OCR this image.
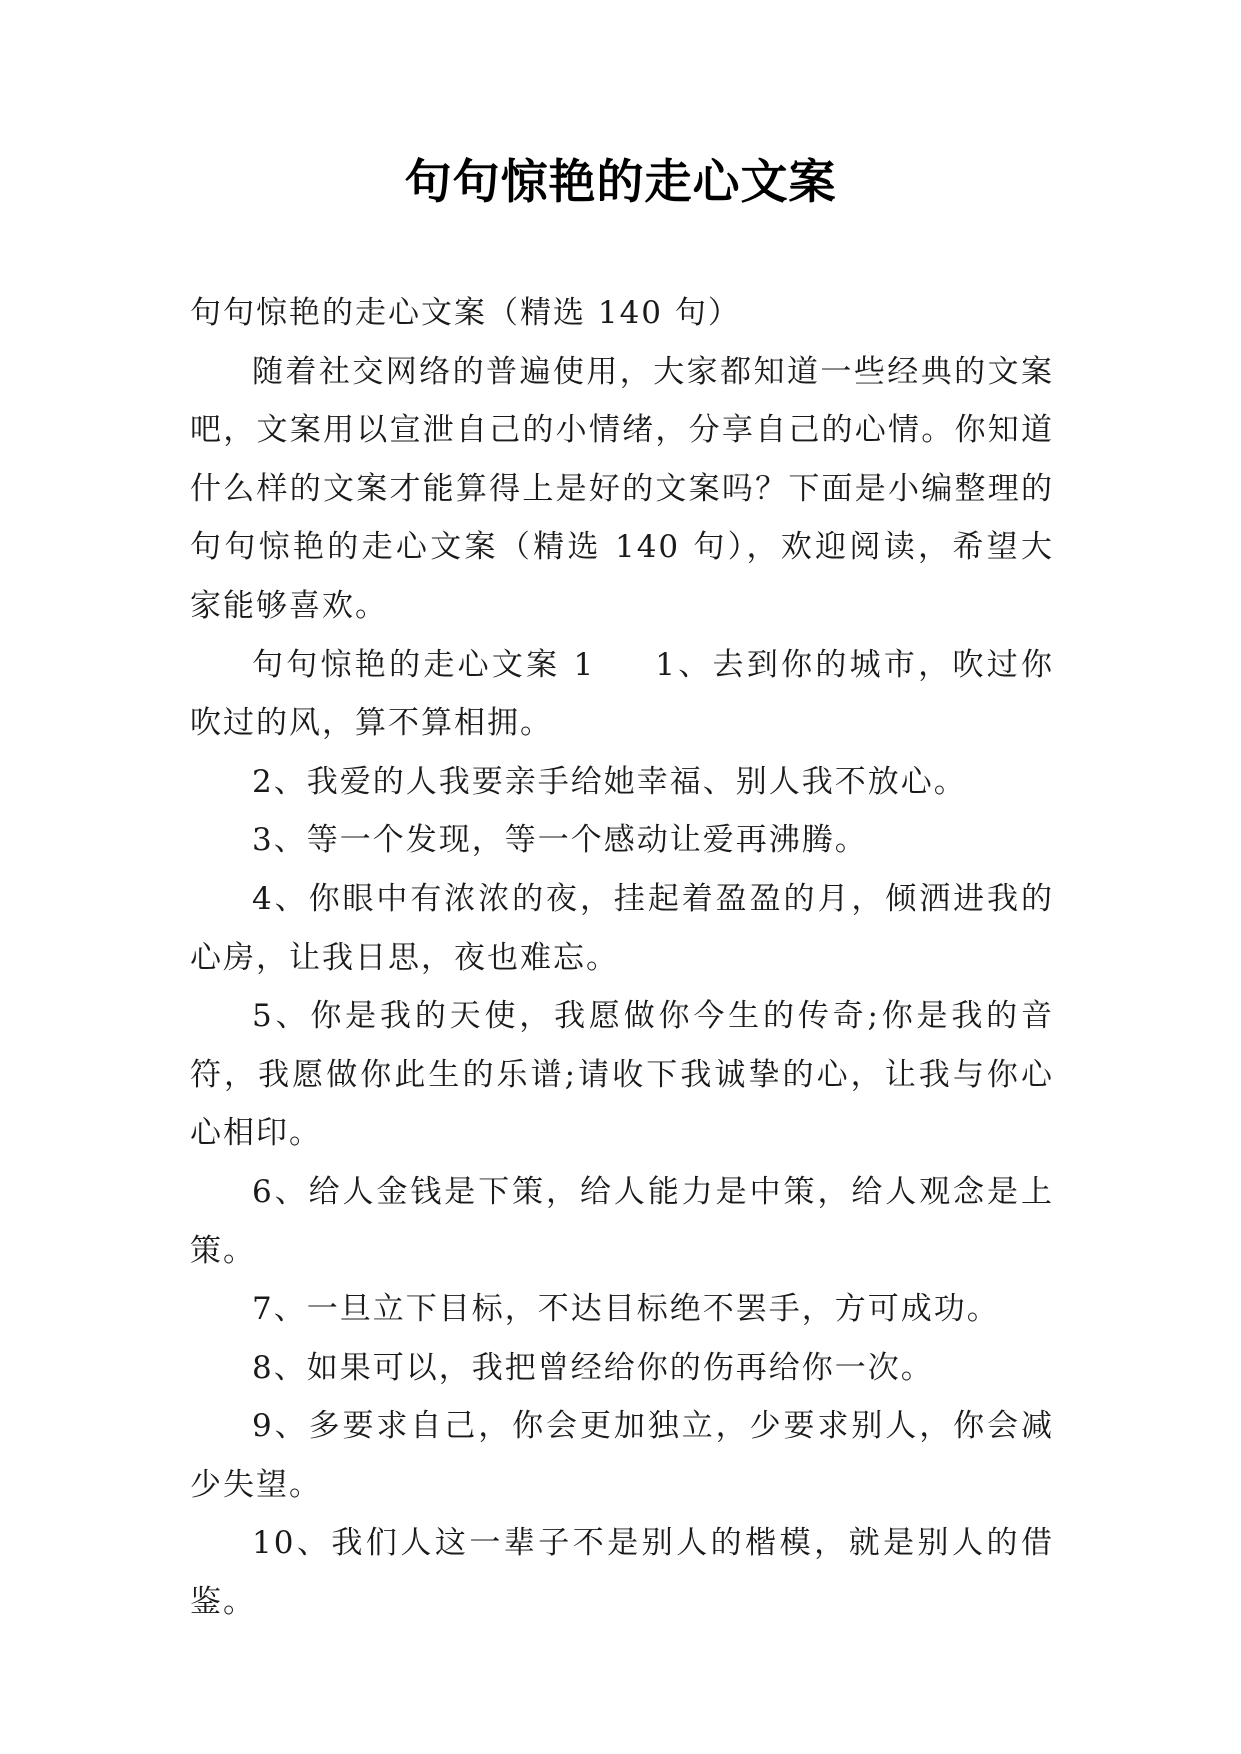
句句惊艳的走心文案

句句惊艳的走心文案（精选 140 句）

随着社交网络的普遍使用，大家都知道一些经典的文案吧，文案用以宣泄自己的小情绪，分享自己的心情。你知道什么样的文案才能算得上是好的文案吗？下面是小编整理的句句惊艳的走心文案（精选 140 句），欢迎阅读，希望大家能够喜欢。

句句惊艳的走心文案 1 1、去到你的城市，吹过你吹过的风，算不算相拥。

2、我爱的人我要亲手给她幸福、别人我不放心。

3、等一个发现，等一个感动让爱再沸腾。

4、你眼中有浓浓的夜，挂起着盈盈的月，倾洒进我的心房，让我日思，夜也难忘。

5、你是我的天使，我愿做你今生的传奇;你是我的音符，我愿做你此生的乐谱;请收下我诚挚的心，让我与你心心相印。

6、给人金钱是下策，给人能力是中策，给人观念是上策。

7、一旦立下目标，不达目标绝不罢手，方可成功。

8、如果可以，我把曾经给你的伤再给你一次。

9、多要求自己，你会更加独立，少要求别人，你会减少失望。

10、我们人这一辈子不是别人的楷模，就是别人的借鉴。
